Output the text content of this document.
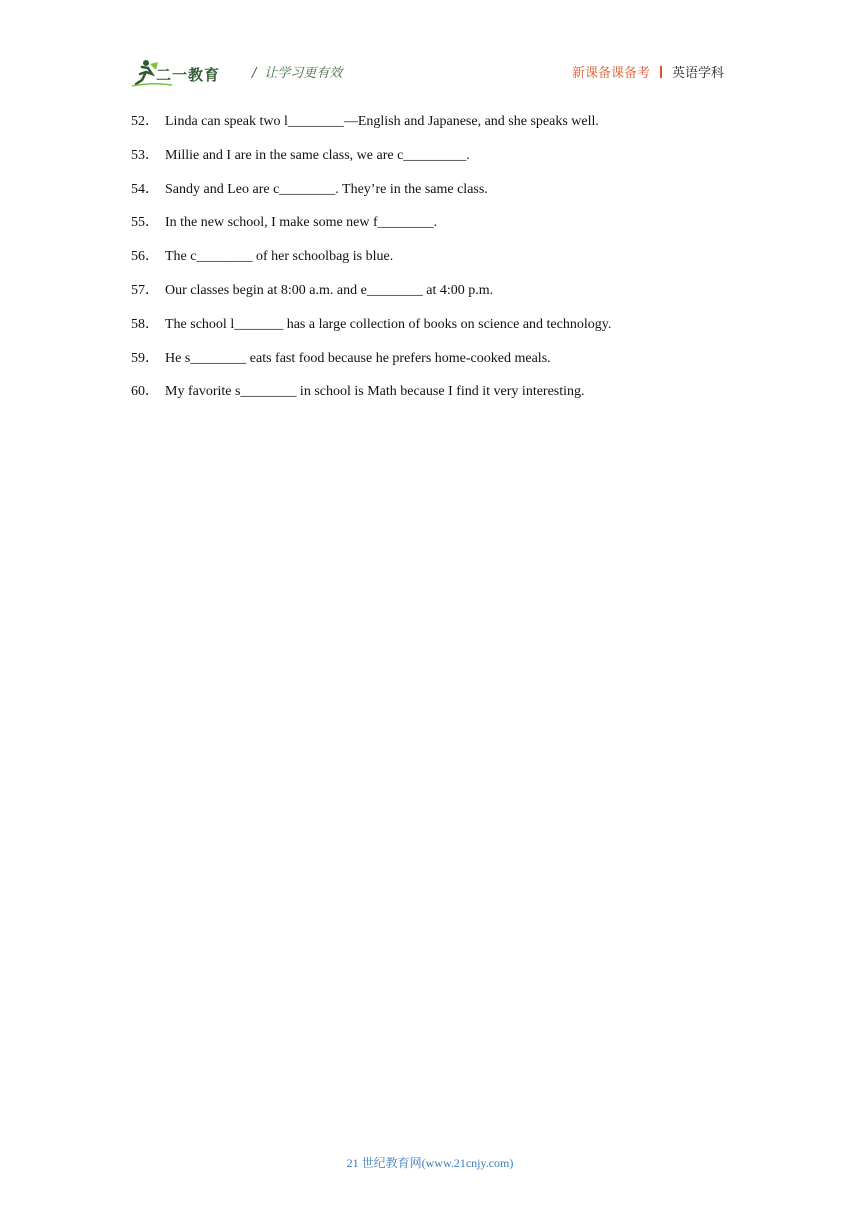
二一教育 / 让学习更有效	新课备课备考 英语学科
52． Linda can speak two l________—English and Japanese, and she speaks well.
53． Millie and I are in the same class, we are c_________.
54． Sandy and Leo are c________. They’re in the same class.
55． In the new school, I make some new f________.
56． The c________ of her schoolbag is blue.
57． Our classes begin at 8:00 a.m. and e________ at 4:00 p.m.
58． The school l_______ has a large collection of books on science and technology.
59． He s________ eats fast food because he prefers home-cooked meals.
60． My favorite s________ in school is Math because I find it very interesting.
21 世纪教育网(www.21cnjy.com)
